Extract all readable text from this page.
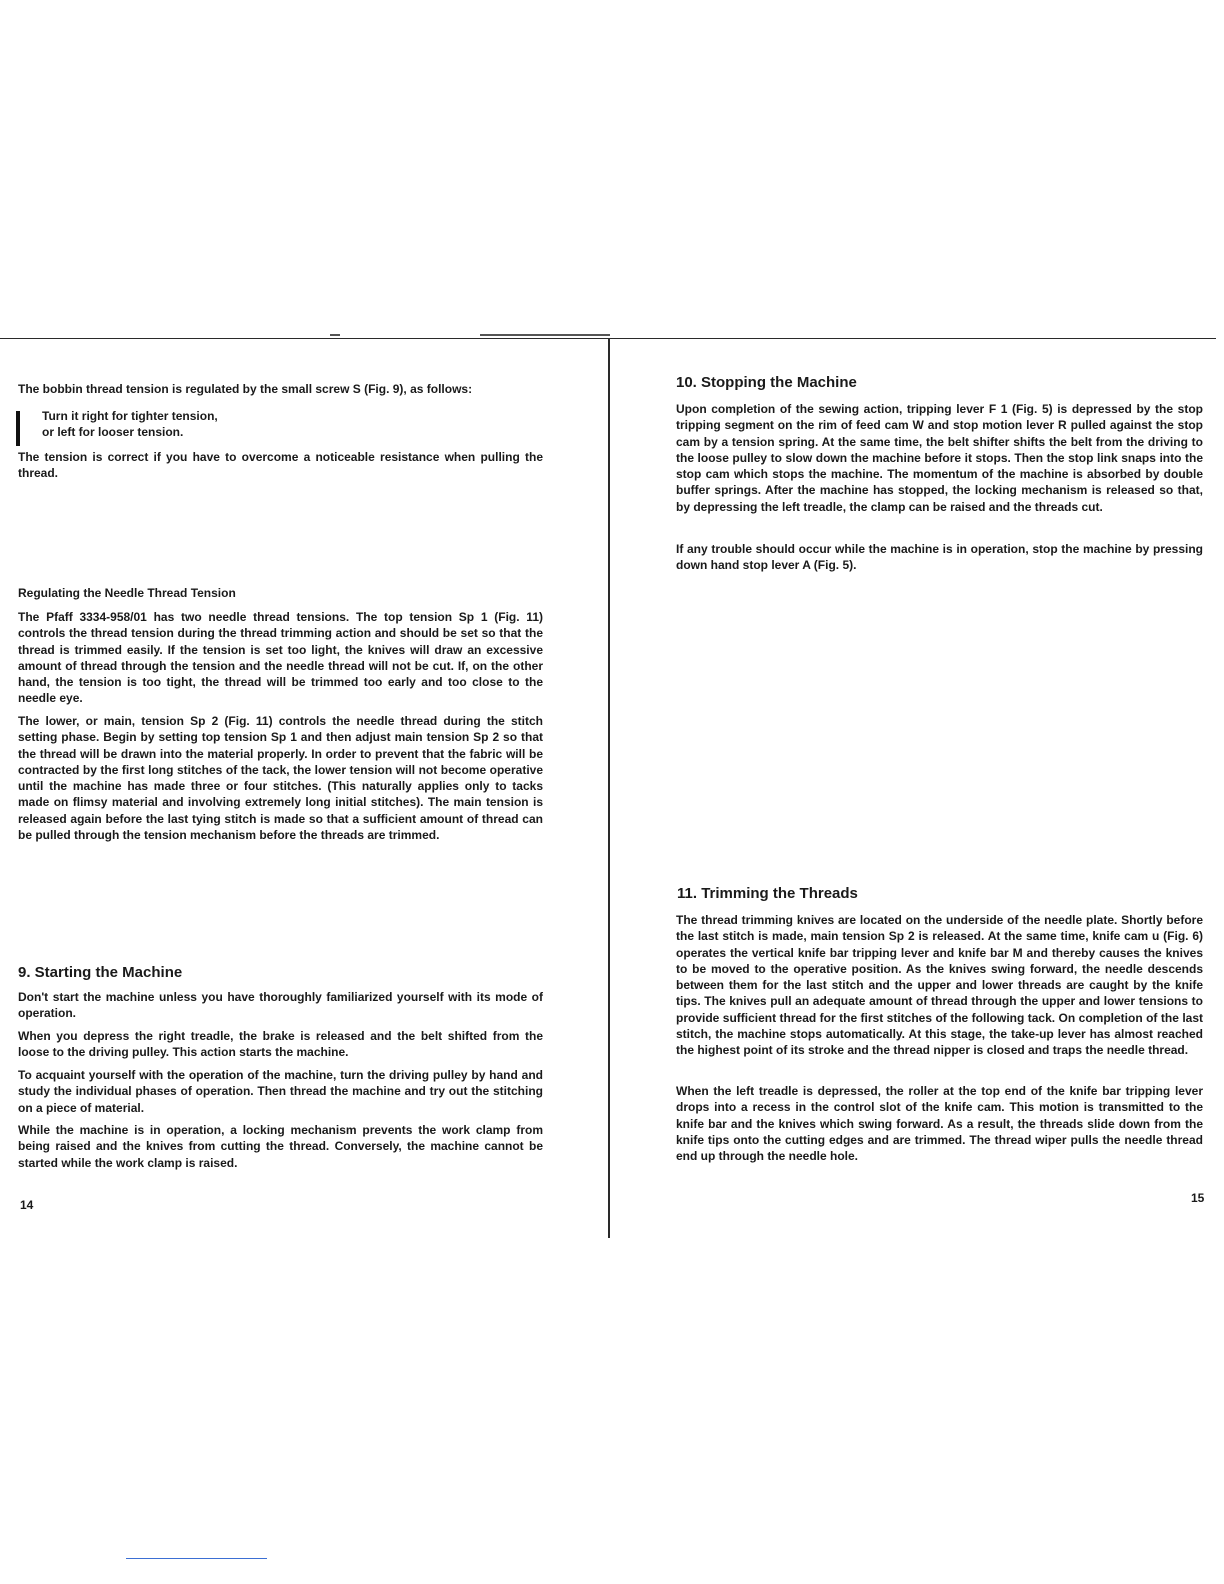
The bobbin thread tension is regulated by the small screw S (Fig. 9), as follows:

Turn it right for tighter tension,
or left for looser tension.

The tension is correct if you have to overcome a noticeable resistance when pulling the thread.

Regulating the Needle Thread Tension

The Pfaff 3334-958/01 has two needle thread tensions. The top tension Sp 1 (Fig. 11) controls the thread tension during the thread trimming action and should be set so that the thread is trimmed easily. If the tension is set too light, the knives will draw an excessive amount of thread through the tension and the needle thread will not be cut. If, on the other hand, the tension is too tight, the thread will be trimmed too early and too close to the needle eye.

The lower, or main, tension Sp 2 (Fig. 11) controls the needle thread during the stitch setting phase. Begin by setting top tension Sp 1 and then adjust main tension Sp 2 so that the thread will be drawn into the material properly. In order to prevent that the fabric will be contracted by the first long stitches of the tack, the lower tension will not become operative until the machine has made three or four stitches. (This naturally applies only to tacks made on flimsy material and involving extremely long initial stitches). The main tension is released again before the last tying stitch is made so that a sufficient amount of thread can be pulled through the tension mechanism before the threads are trimmed.

9. Starting the Machine

Don't start the machine unless you have thoroughly familiarized yourself with its mode of operation.

When you depress the right treadle, the brake is released and the belt shifted from the loose to the driving pulley. This action starts the machine.

To acquaint yourself with the operation of the machine, turn the driving pulley by hand and study the individual phases of operation. Then thread the machine and try out the stitching on a piece of material.

While the machine is in operation, a locking mechanism prevents the work clamp from being raised and the knives from cutting the thread. Conversely, the machine cannot be started while the work clamp is raised.

14
10. Stopping the Machine

Upon completion of the sewing action, tripping lever F 1 (Fig. 5) is depressed by the stop tripping segment on the rim of feed cam W and stop motion lever R pulled against the stop cam by a tension spring. At the same time, the belt shifter shifts the belt from the driving to the loose pulley to slow down the machine before it stops. Then the stop link snaps into the stop cam which stops the machine. The momentum of the machine is absorbed by double buffer springs. After the machine has stopped, the locking mechanism is released so that, by depressing the left treadle, the clamp can be raised and the threads cut.

If any trouble should occur while the machine is in operation, stop the machine by pressing down hand stop lever A (Fig. 5).

11. Trimming the Threads

The thread trimming knives are located on the underside of the needle plate. Shortly before the last stitch is made, main tension Sp 2 is released. At the same time, knife cam u (Fig. 6) operates the vertical knife bar tripping lever and knife bar M and thereby causes the knives to be moved to the operative position. As the knives swing forward, the needle descends between them for the last stitch and the upper and lower threads are caught by the knife tips. The knives pull an adequate amount of thread through the upper and lower tensions to provide sufficient thread for the first stitches of the following tack. On completion of the last stitch, the machine stops automatically. At this stage, the take-up lever has almost reached the highest point of its stroke and the thread nipper is closed and traps the needle thread.

When the left treadle is depressed, the roller at the top end of the knife bar tripping lever drops into a recess in the control slot of the knife cam. This motion is transmitted to the knife bar and the knives which swing forward. As a result, the threads slide down from the knife tips onto the cutting edges and are trimmed. The thread wiper pulls the needle thread end up through the needle hole.

15
